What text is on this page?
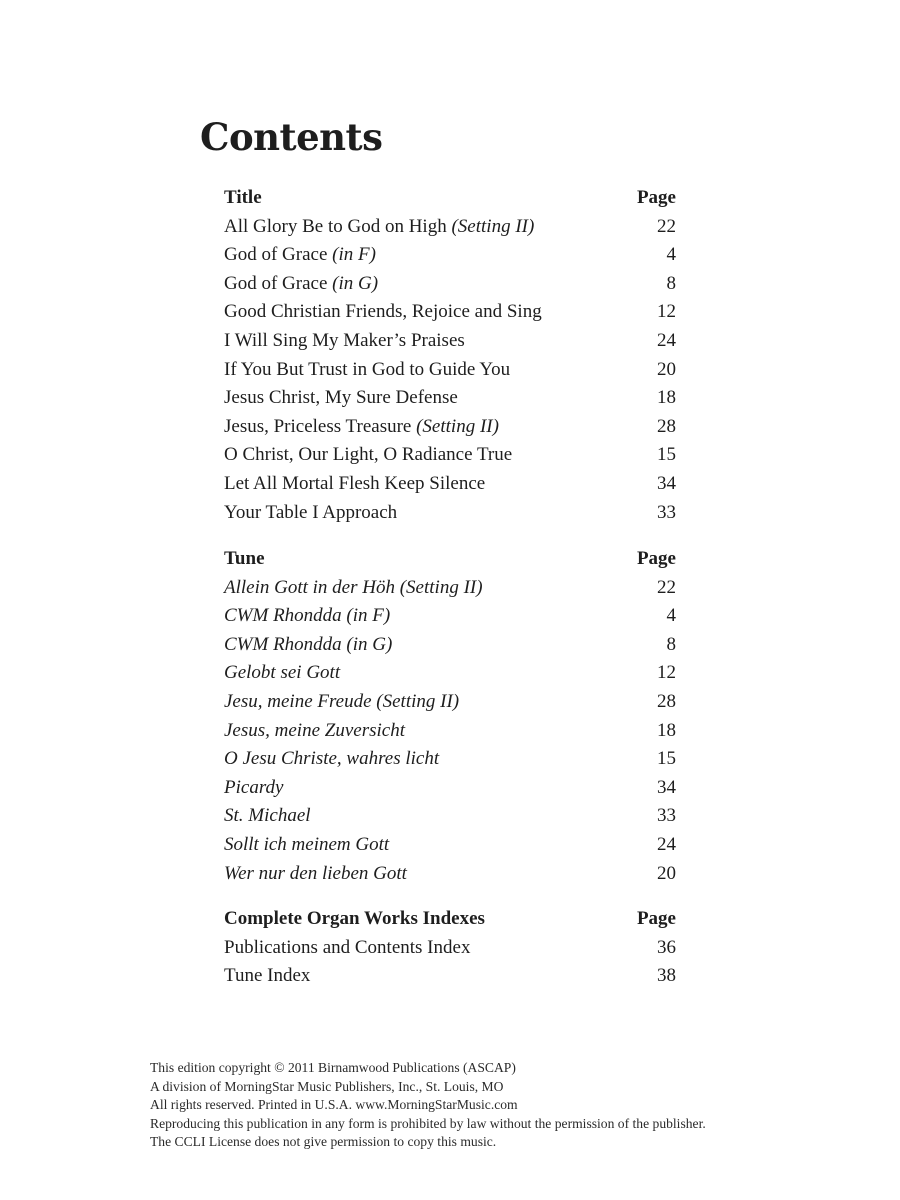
Contents
Title	Page
All Glory Be to God on High (Setting II)	22
God of Grace (in F)	4
God of Grace (in G)	8
Good Christian Friends, Rejoice and Sing	12
I Will Sing My Maker’s Praises	24
If You But Trust in God to Guide You	20
Jesus Christ, My Sure Defense	18
Jesus, Priceless Treasure (Setting II)	28
O Christ, Our Light, O Radiance True	15
Let All Mortal Flesh Keep Silence	34
Your Table I Approach	33
Tune	Page
Allein Gott in der Höh (Setting II)	22
CWM Rhondda (in F)	4
CWM Rhondda (in G)	8
Gelobt sei Gott	12
Jesu, meine Freude (Setting II)	28
Jesus, meine Zuversicht	18
O Jesu Christe, wahres licht	15
Picardy	34
St. Michael	33
Sollt ich meinem Gott	24
Wer nur den lieben Gott	20
Complete Organ Works Indexes	Page
Publications and Contents Index	36
Tune Index	38
This edition copyright © 2011 Birnamwood Publications (ASCAP)
A division of MorningStar Music Publishers, Inc., St. Louis, MO
All rights reserved. Printed in U.S.A. www.MorningStarMusic.com
Reproducing this publication in any form is prohibited by law without the permission of the publisher.
The CCLI License does not give permission to copy this music.
